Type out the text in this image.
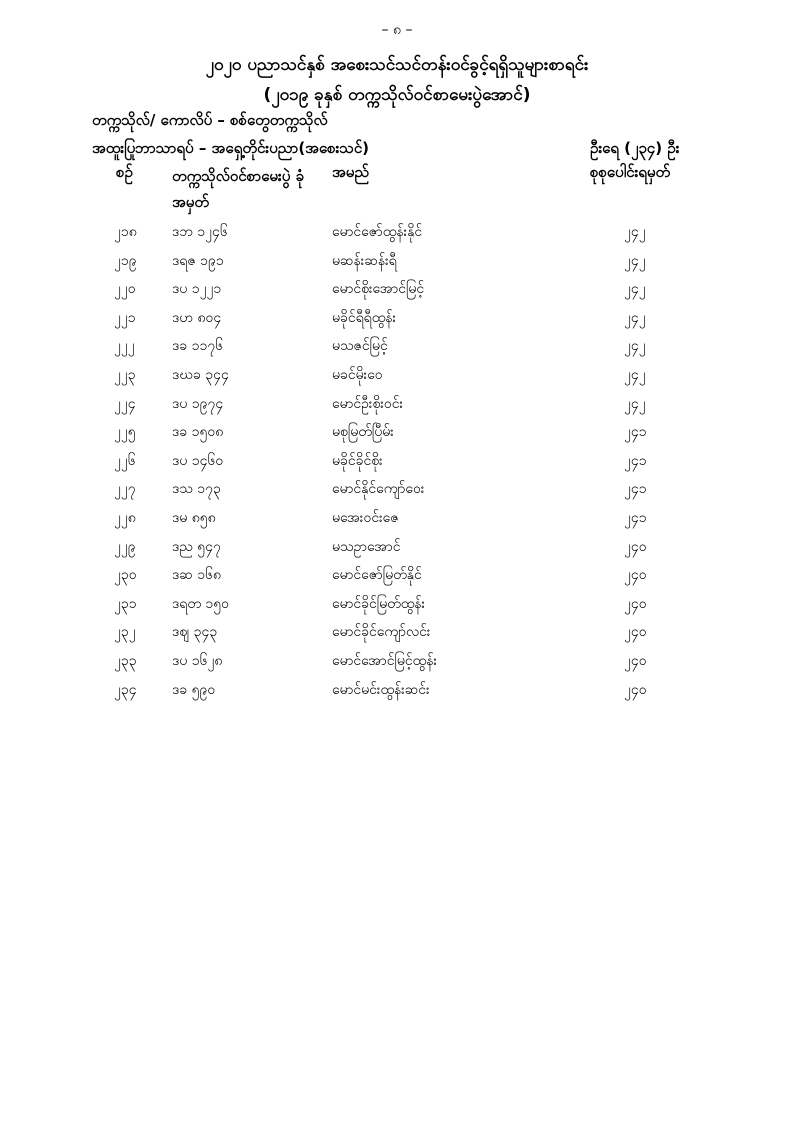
– ၈ –
၂၀၂၀ ပညာသင်နှစ် အစေးသင်သင်တန်းဝင်ခွင့်ရရှိသူများစာရင်း
(၂၀၁၉ ခုနှစ် တက္ကသိုလ်ဝင်စာမေးပွဲအောင်)
တက္ကသိုလ်/ ကောလိပ် – စစ်တွေတက္ကသိုလ်
အထူးပြုဘာသာရပ် – အရှေ့တိုင်းပညာ(အစေးသင်)	ဦးရေ (၂၃၄) ဦး
စဉ်	တက္ကသိုလ်ဝင်စာမေးပွဲ ခုံအမှတ်
အမည်	စုစုပေါင်းရမှတ်
၂၁၈	ဒဘ ၁၂၄၆	မောင်ဇော်ထွန်းနိုင်	၂၄၂
၂၁၉	ဒရဇ ၁၉၁	မဆန်းဆန်းရီ	၂၄၂
၂၂၀	ဒပ ၁၂၂၁	မောင်စိုးအောင်မြင့်	၂၄၂
၂၂၁	ဒဟ ၈၀၄	မခိုင်ရီရီထွန်း	၂၄၂
၂၂၂	ဒခ ၁၁၇၆	မသဇင်မြင့်	၂၄၂
၂၂၃	ဒဃခ ၃၄၄	မခင်မိုးဝေ	၂၄၂
၂၂၄	ဒပ ၁၉၇၄	မောင်ဦးစိုးဝင်း	၂၄၂
၂၂၅	ဒခ ၁၅၀၈	မစုမြတ်ပြီမ်း	၂၄၁
၂၂၆	ဒပ ၁၄၆၀	မခိုင်ခိုင်စိုး	၂၄၁
၂၂၇	ဒသ ၁၇၃	မောင်နိုင်ကျော်ဝေး	၂၄၁
၂၂၈	ဒမ ၈၅၈	မအေးဝင်းဇေ	၂၄၁
၂၂၉	ဒည ၅၄၇	မသဥာအောင်	၂၄၀
၂၃၀	ဒဆ ၁၆၈	မောင်ဇော်မြတ်နိုင်	၂၄၀
၂၃၁	ဒရတ ၁၅၀	မောင်ခိုင်မြတ်ထွန်း	၂၄၀
၂၃၂	ဒဈ ၃၄၃	မောင်ခိုင်ကျော်လင်း	၂၄၀
၂၃၃	ဒပ ၁၆၂၈	မောင်အောင်မြင့်ထွန်း	၂၄၀
၂၃၄	ဒခ ၅၉၀	မောင်မင်းထွန်းဆင်း	၂၄၀
